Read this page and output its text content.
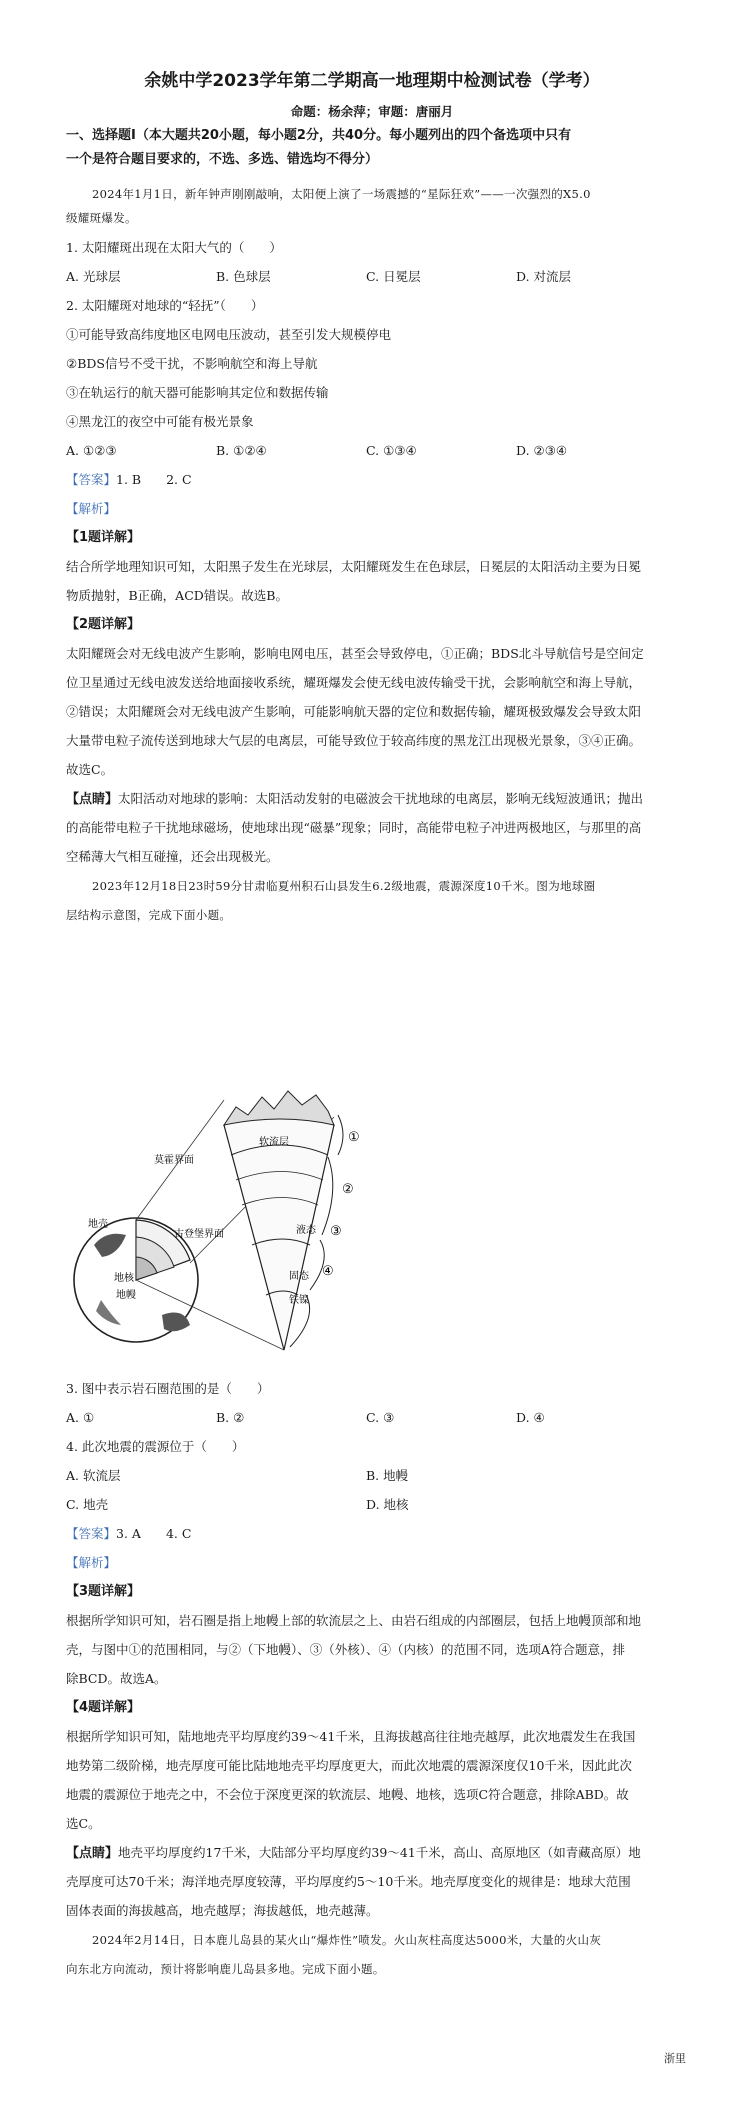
余姚中学2023学年第二学期高一地理期中检测试卷（学考）
命题：杨余萍；审题：唐丽月
一、选择题Ⅰ（本大题共20小题，每小题2分，共40分。每小题列出的四个备选项中只有
一个是符合题目要求的，不选、多选、错选均不得分）
2024年1月1日，新年钟声刚刚敲响，太阳便上演了一场震撼的“星际狂欢”——一次强烈的X5.0
级耀斑爆发。
1. 太阳耀斑出现在太阳大气的（　　）
A. 光球层	B. 色球层	C. 日冕层	D. 对流层
2. 太阳耀斑对地球的“轻抚”（　　）
①可能导致高纬度地区电网电压波动，甚至引发大规模停电
②BDS信号不受干扰，不影响航空和海上导航
③在轨运行的航天器可能影响其定位和数据传输
④黑龙江的夜空中可能有极光景象
A. ①②③	B. ①②④	C. ①③④	D. ②③④
【答案】1. B　　2. C
【解析】
【1题详解】
结合所学地理知识可知，太阳黑子发生在光球层，太阳耀斑发生在色球层，日冕层的太阳活动主要为日冕
物质抛射，B正确，ACD错误。故选B。
【2题详解】
太阳耀斑会对无线电波产生影响，影响电网电压，甚至会导致停电，①正确；BDS北斗导航信号是空间定
位卫星通过无线电波发送给地面接收系统，耀斑爆发会使无线电波传输受干扰，会影响航空和海上导航，
②错误；太阳耀斑会对无线电波产生影响，可能影响航天器的定位和数据传输，耀斑极致爆发会导致太阳
大量带电粒子流传送到地球大气层的电离层，可能导致位于较高纬度的黑龙江出现极光景象，③④正确。
故选C。
【点睛】太阳活动对地球的影响：太阳活动发射的电磁波会干扰地球的电离层，影响无线短波通讯；抛出
的高能带电粒子干扰地球磁场，使地球出现“磁暴”现象；同时，高能带电粒子冲进两极地区，与那里的高
空稀薄大气相互碰撞，还会出现极光。
2023年12月18日23时59分甘肃临夏州积石山县发生6.2级地震，震源深度10千米。图为地球圈
层结构示意图，完成下面小题。
地壳
地核
地幔
软流层
莫霍界面
古登堡界面	液态
固态
铁镍
①
②
③
④
3. 图中表示岩石圈范围的是（　　）
A. ①	B. ②	C. ③	D. ④
4. 此次地震的震源位于（　　）
A. 软流层	B. 地幔
C. 地壳	D. 地核
【答案】3. A　　4. C
【解析】
【3题详解】
根据所学知识可知，岩石圈是指上地幔上部的软流层之上、由岩石组成的内部圈层，包括上地幔顶部和地
壳，与图中①的范围相同，与②（下地幔）、③（外核）、④（内核）的范围不同，选项A符合题意，排
除BCD。故选A。
【4题详解】
根据所学知识可知，陆地地壳平均厚度约39～41千米，且海拔越高往往地壳越厚，此次地震发生在我国
地势第二级阶梯，地壳厚度可能比陆地地壳平均厚度更大，而此次地震的震源深度仅10千米，因此此次
地震的震源位于地壳之中，不会位于深度更深的软流层、地幔、地核，选项C符合题意，排除ABD。故
选C。
【点睛】地壳平均厚度约17千米，大陆部分平均厚度约39～41千米，高山、高原地区（如青藏高原）地
壳厚度可达70千米；海洋地壳厚度较薄，平均厚度约5～10千米。地壳厚度变化的规律是：地球大范围
固体表面的海拔越高，地壳越厚；海拔越低，地壳越薄。
2024年2月14日，日本鹿儿岛县的某火山“爆炸性”喷发。火山灰柱高度达5000米，大量的火山灰
向东北方向流动，预计将影响鹿儿岛县多地。完成下面小题。
浙里
